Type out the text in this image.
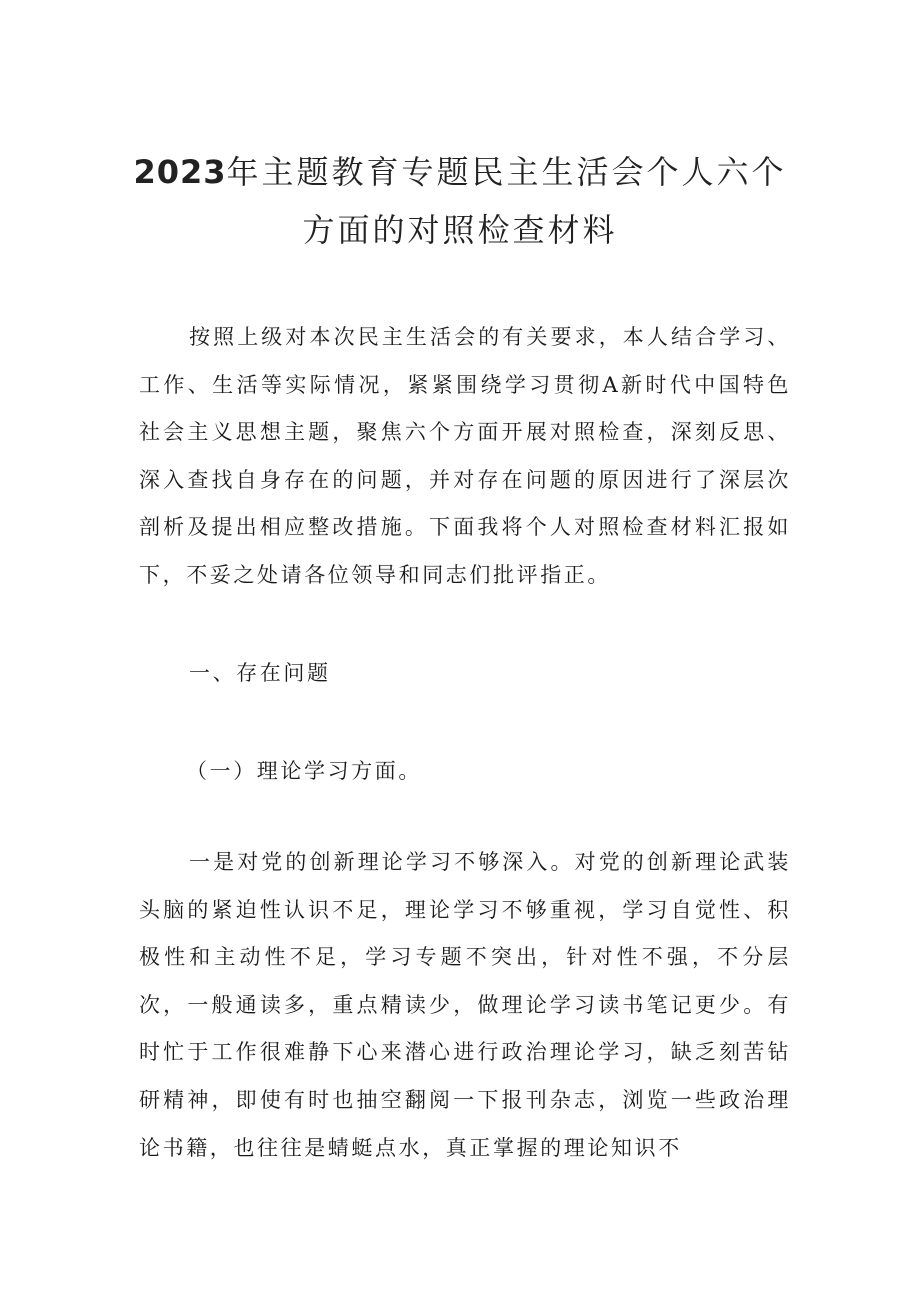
2023年主题教育专题民主生活会个人六个
方面的对照检查材料

按照上级对本次民主生活会的有关要求，本人结合学习、工作、生活等实际情况，紧紧围绕学习贯彻A新时代中国特色社会主义思想主题，聚焦六个方面开展对照检查，深刻反思、深入查找自身存在的问题，并对存在问题的原因进行了深层次剖析及提出相应整改措施。下面我将个人对照检查材料汇报如下，不妥之处请各位领导和同志们批评指正。

一、存在问题

（一）理论学习方面。

一是对党的创新理论学习不够深入。对党的创新理论武装头脑的紧迫性认识不足，理论学习不够重视，学习自觉性、积极性和主动性不足，学习专题不突出，针对性不强，不分层次，一般通读多，重点精读少，做理论学习读书笔记更少。有时忙于工作很难静下心来潜心进行政治理论学习，缺乏刻苦钻研精神，即使有时也抽空翻阅一下报刊杂志，浏览一些政治理论书籍，也往往是蜻蜓点水，真正掌握的理论知识不
